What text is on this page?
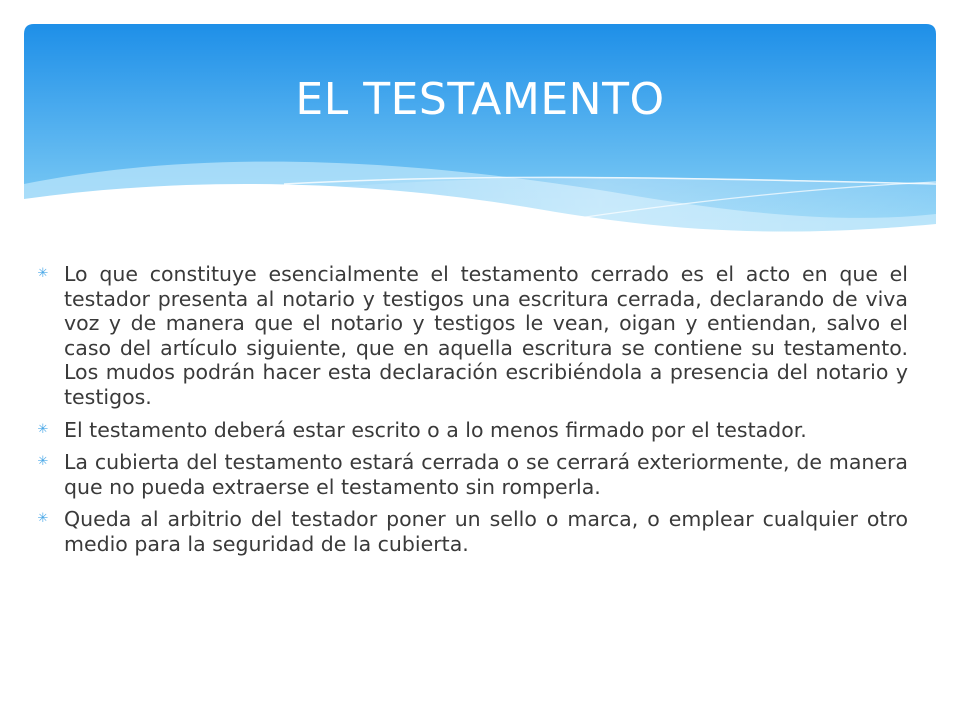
EL TESTAMENTO
✳ Lo que constituye esencialmente el testamento cerrado es el acto en que el testador presenta al notario y testigos una escritura cerrada, declarando de viva voz y de manera que el notario y testigos le vean, oigan y entiendan, salvo el caso del artículo siguiente, que en aquella escritura se contiene su testamento. Los mudos podrán hacer esta declaración escribiéndola a presencia del notario y testigos.
✳ El testamento deberá estar escrito o a lo menos firmado por el testador.
✳ La cubierta del testamento estará cerrada o se cerrará exteriormente, de manera que no pueda extraerse el testamento sin romperla.
✳ Queda al arbitrio del testador poner un sello o marca, o emplear cualquier otro medio para la seguridad de la cubierta.
